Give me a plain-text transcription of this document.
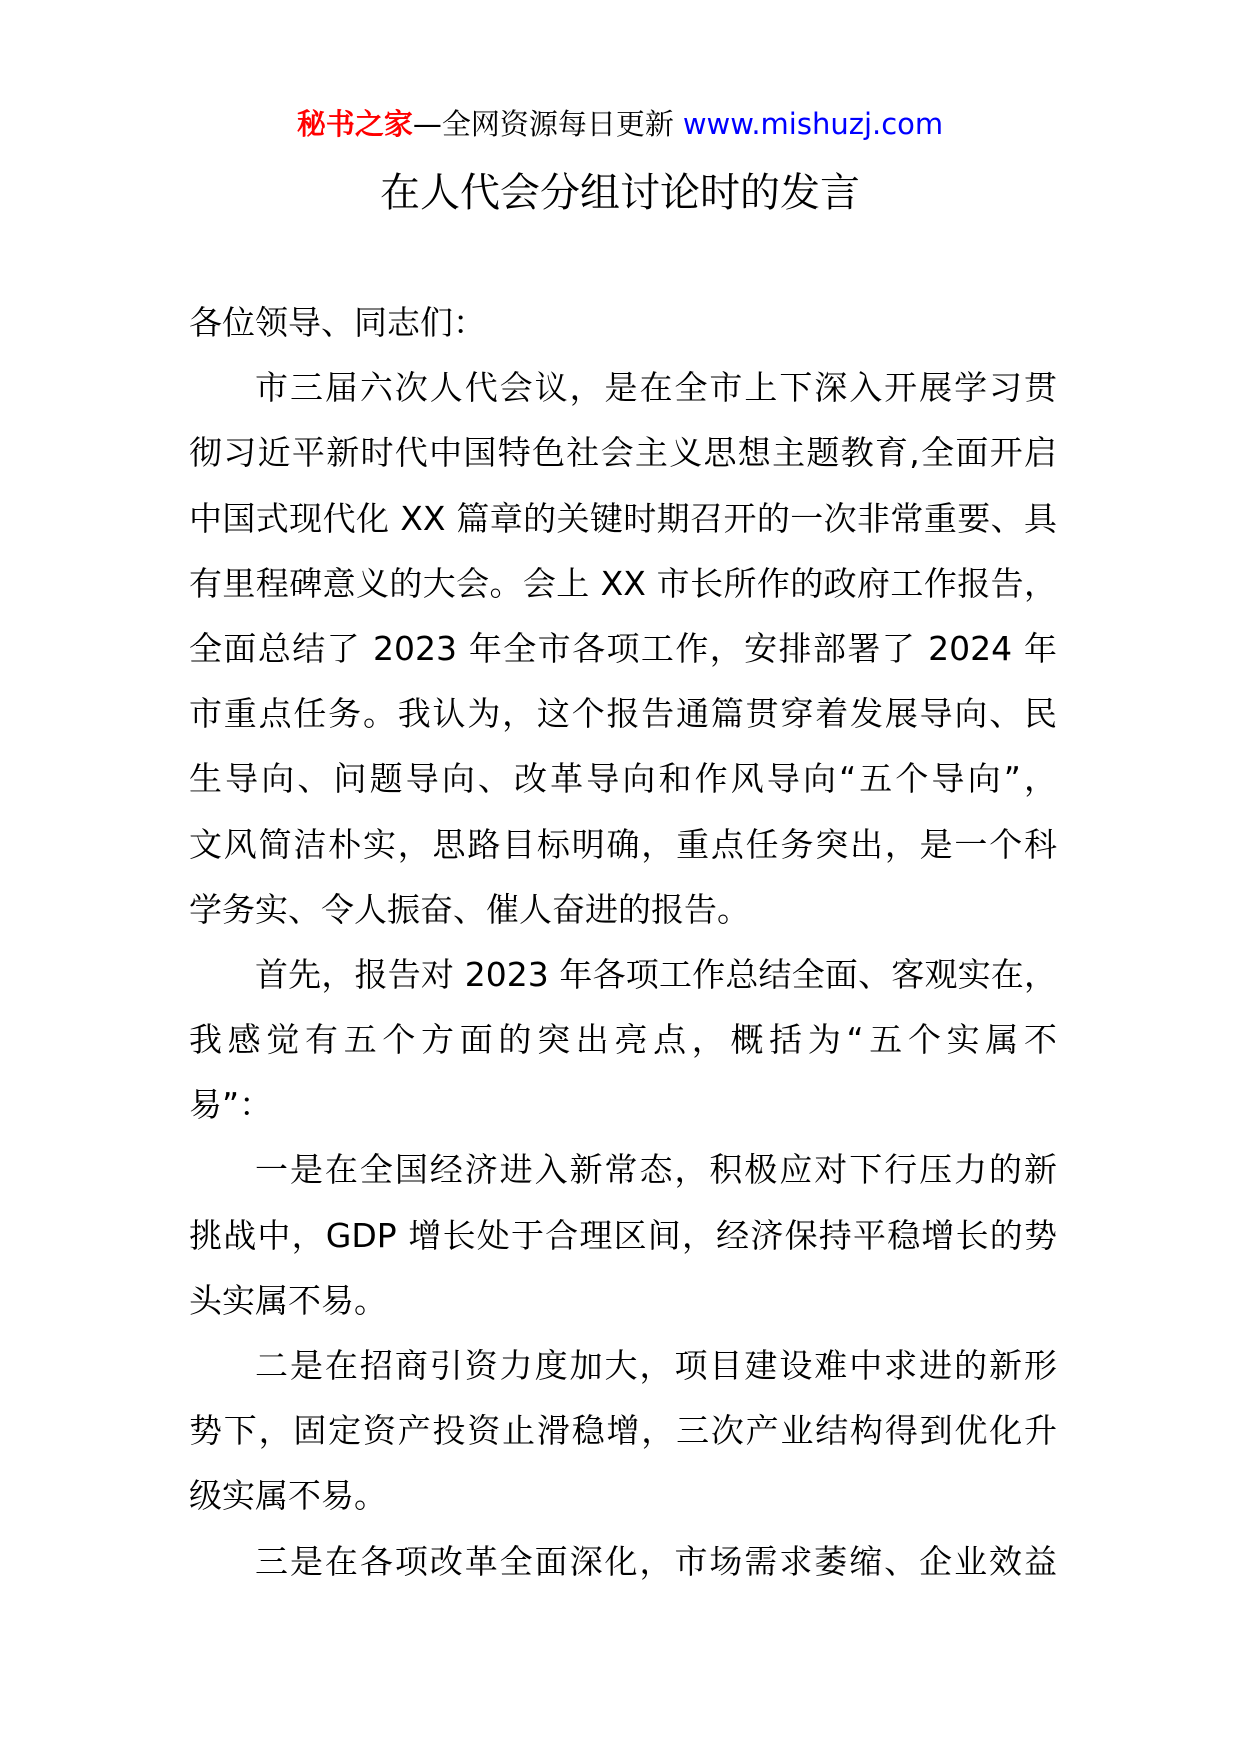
秘书之家—全网资源每日更新 www.mishuzj.com
在人代会分组讨论时的发言
各位领导、同志们：
市三届六次人代会议，是在全市上下深入开展学习贯
彻习近平新时代中国特色社会主义思想主题教育,全面开启
中国式现代化 XX 篇章的关键时期召开的一次非常重要、具
有里程碑意义的大会。会上 XX 市长所作的政府工作报告，
全面总结了 2023 年全市各项工作，安排部署了 2024 年
市重点任务。我认为，这个报告通篇贯穿着发展导向、民
生导向、问题导向、改革导向和作风导向“五个导向”，
文风简洁朴实，思路目标明确，重点任务突出，是一个科
学务实、令人振奋、催人奋进的报告。
首先，报告对 2023 年各项工作总结全面、客观实在，
我感觉有五个方面的突出亮点，概括为“五个实属不
易”：
一是在全国经济进入新常态，积极应对下行压力的新
挑战中，GDP 增长处于合理区间，经济保持平稳增长的势
头实属不易。
二是在招商引资力度加大，项目建设难中求进的新形
势下，固定资产投资止滑稳增，三次产业结构得到优化升
级实属不易。
三是在各项改革全面深化，市场需求萎缩、企业效益
